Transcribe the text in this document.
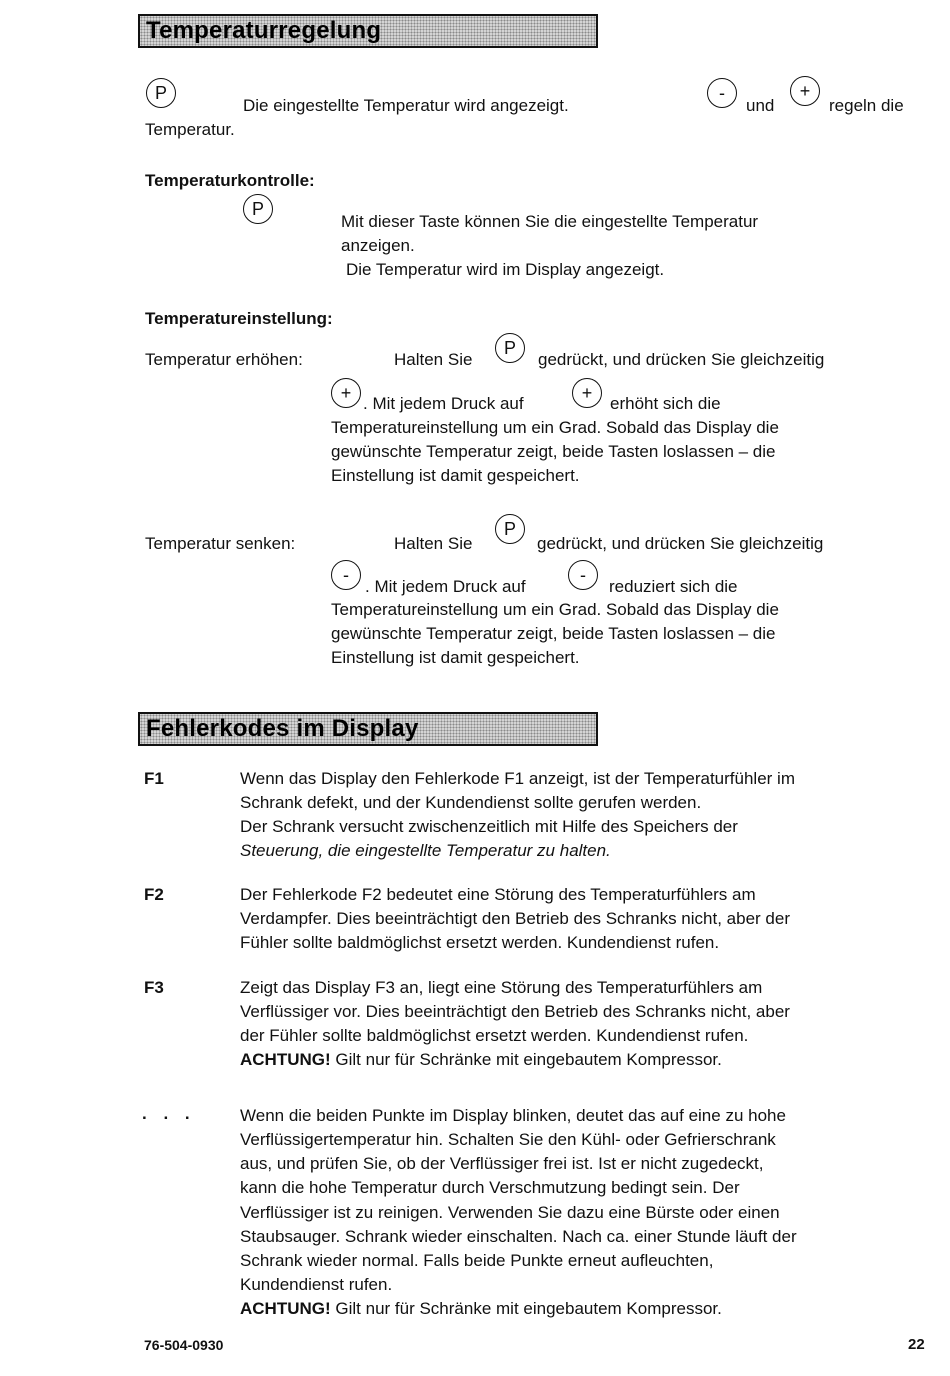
Temperaturregelung
P
Die eingestellte Temperatur wird angezeigt.
-
und
+
regeln die
Temperatur.
Temperaturkontrolle:
P
Mit dieser Taste können Sie die eingestellte Temperatur
anzeigen.
Die Temperatur wird im Display angezeigt.
Temperatureinstellung:
Temperatur erhöhen:	Halten Sie
P
gedrückt, und drücken Sie gleichzeitig
+
. Mit jedem Druck auf
+
erhöht sich die
Temperatureinstellung um ein Grad. Sobald das Display die
gewünschte Temperatur zeigt, beide Tasten loslassen – die
Einstellung ist damit gespeichert.
Temperatur senken:	Halten Sie
P
gedrückt, und drücken Sie gleichzeitig
-
. Mit jedem Druck auf
-
reduziert sich die
Temperatureinstellung um ein Grad. Sobald das Display die
gewünschte Temperatur zeigt, beide Tasten loslassen – die
Einstellung ist damit gespeichert.
Fehlerkodes im Display
F1	Wenn das Display den Fehlerkode F1 anzeigt, ist der Temperaturfühler im
Schrank defekt, und der Kundendienst sollte gerufen werden.
Der Schrank versucht zwischenzeitlich mit Hilfe des Speichers der
Steuerung, die eingestellte Temperatur zu halten.
F2	Der Fehlerkode F2 bedeutet eine Störung des Temperaturfühlers am
Verdampfer. Dies beeinträchtigt den Betrieb des Schranks nicht, aber der
Fühler sollte baldmöglichst ersetzt werden. Kundendienst rufen.
F3	Zeigt das Display F3 an, liegt eine Störung des Temperaturfühlers am
Verflüssiger vor. Dies beeinträchtigt den Betrieb des Schranks nicht, aber
der Fühler sollte baldmöglichst ersetzt werden. Kundendienst rufen.
ACHTUNG! Gilt nur für Schränke mit eingebautem Kompressor.
. . .	Wenn die beiden Punkte im Display blinken, deutet das auf eine zu hohe
Verflüssigertemperatur hin. Schalten Sie den Kühl- oder Gefrierschrank
aus, und prüfen Sie, ob der Verflüssiger frei ist. Ist er nicht zugedeckt,
kann die hohe Temperatur durch Verschmutzung bedingt sein. Der
Verflüssiger ist zu reinigen. Verwenden Sie dazu eine Bürste oder einen
Staubsauger. Schrank wieder einschalten. Nach ca. einer Stunde läuft der
Schrank wieder normal. Falls beide Punkte erneut aufleuchten,
Kundendienst rufen.
ACHTUNG! Gilt nur für Schränke mit eingebautem Kompressor.
76-504-0930	22
